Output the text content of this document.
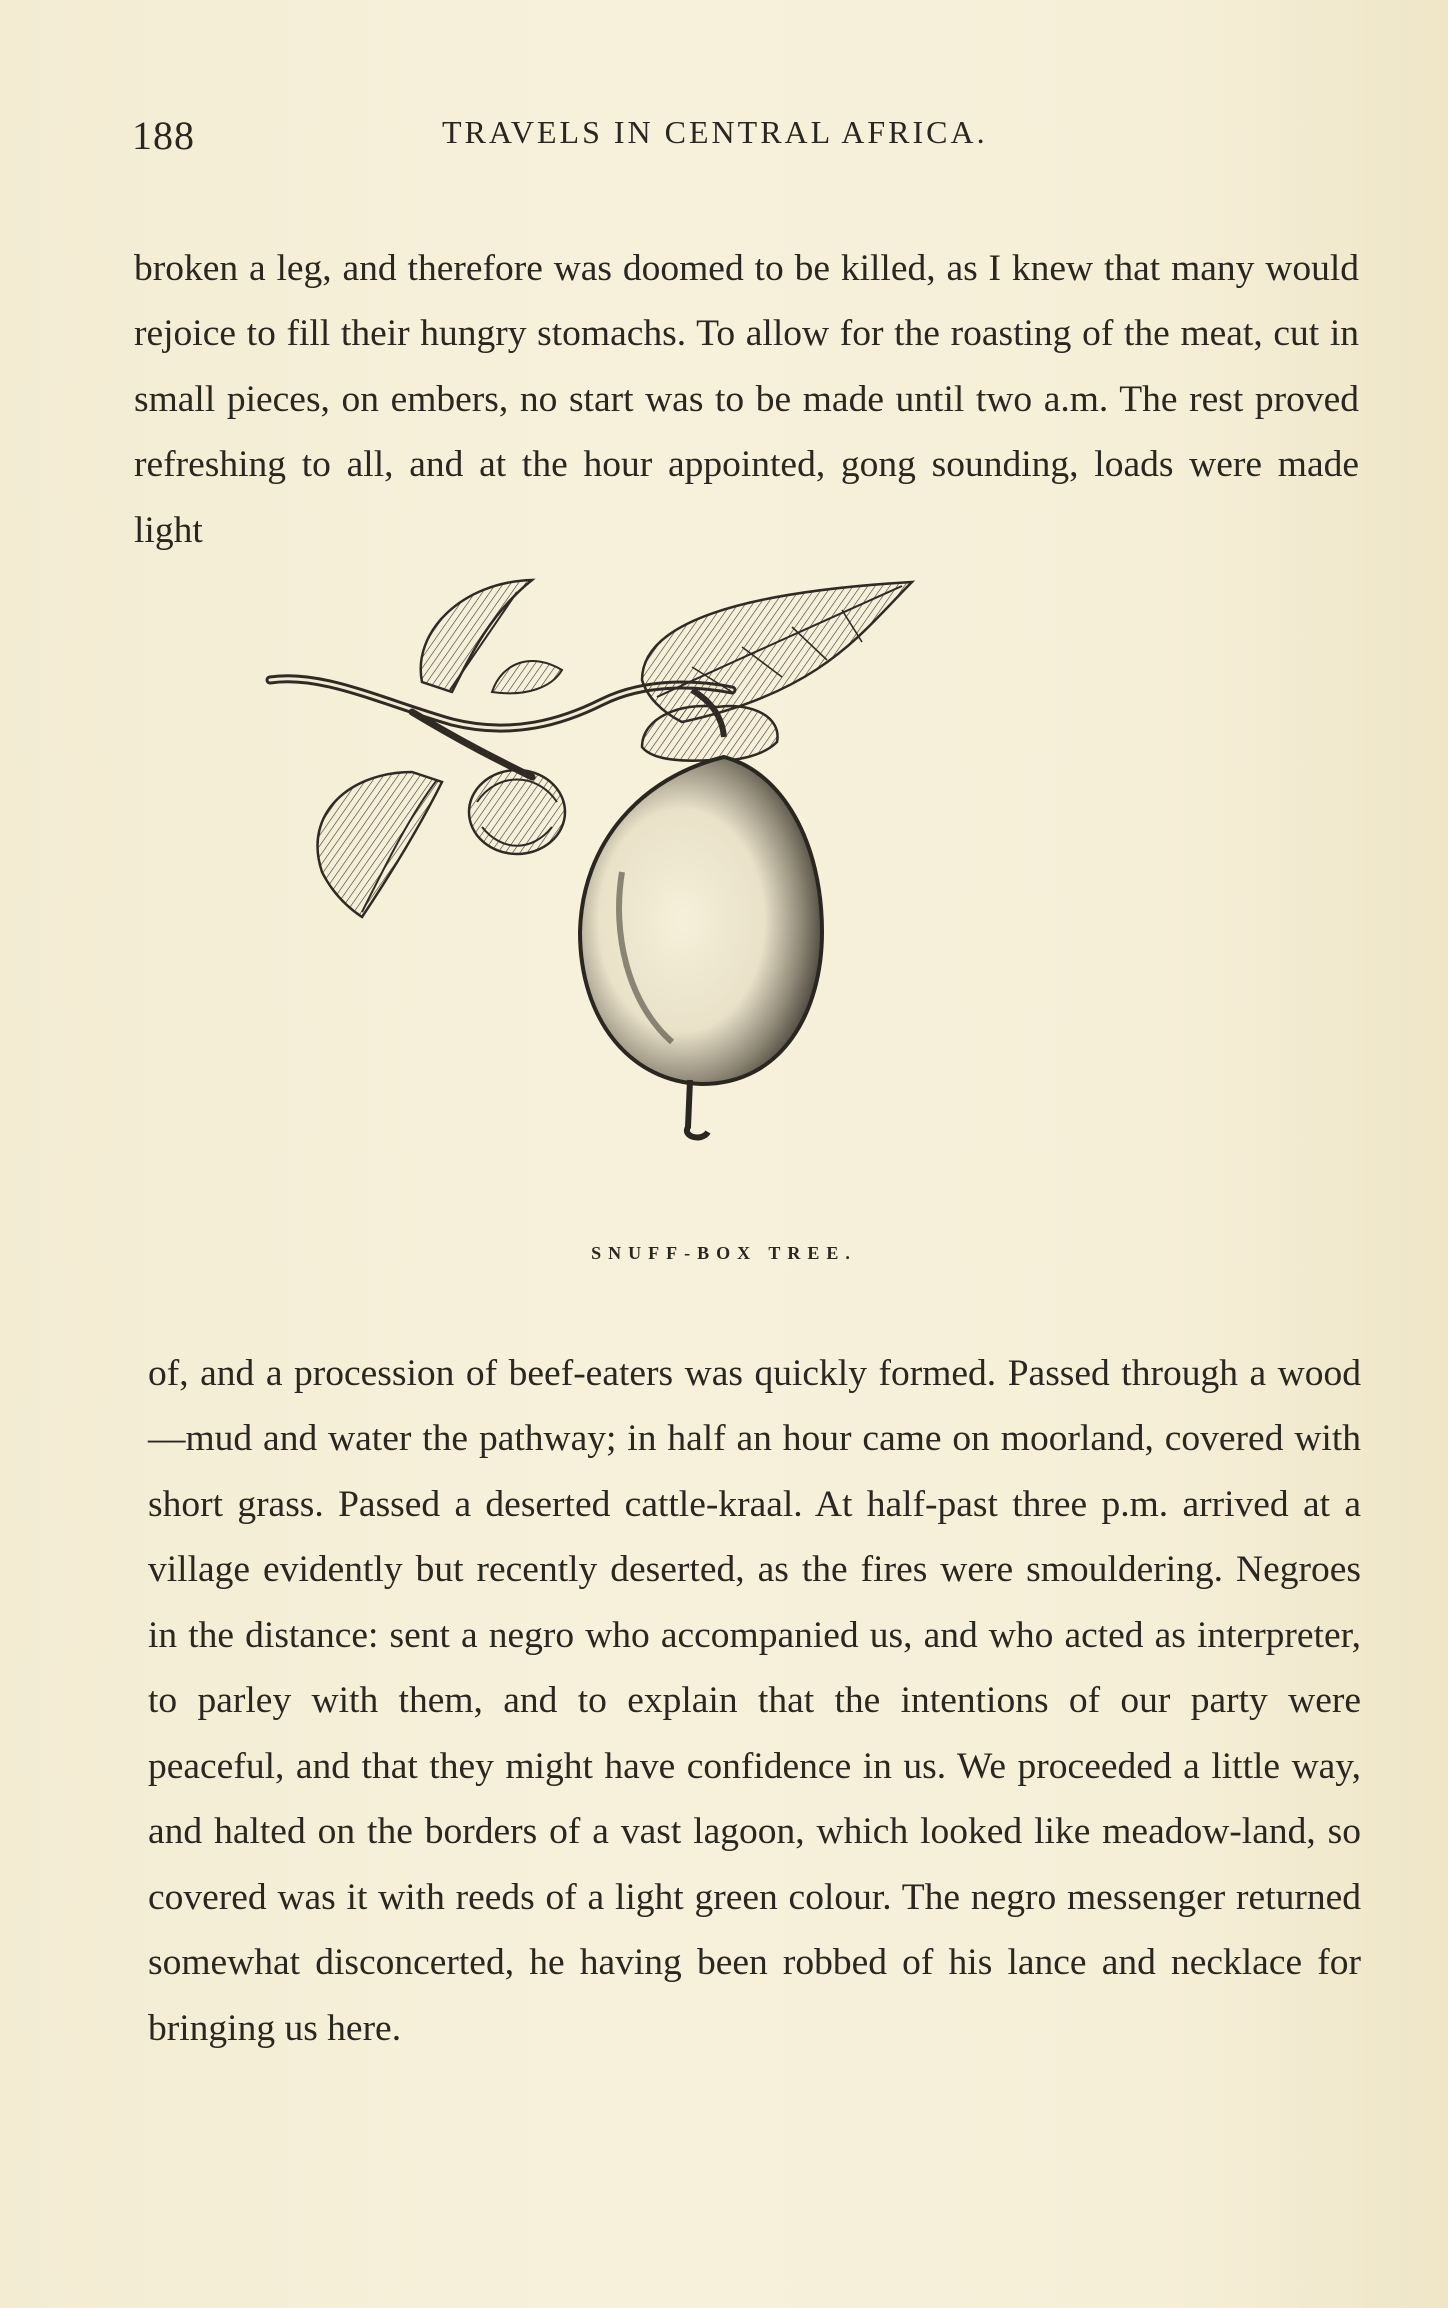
188	TRAVELS IN CENTRAL AFRICA.

broken a leg, and therefore was doomed to be killed, as I knew that many would rejoice to fill their hungry stomachs. To allow for the roasting of the meat, cut in small pieces, on embers, no start was to be made until two a.m. The rest proved refreshing to all, and at the hour appointed, gong sounding, loads were made light

SNUFF-BOX TREE.

of, and a procession of beef-eaters was quickly formed. Passed through a wood—mud and water the pathway; in half an hour came on moorland, covered with short grass. Passed a deserted cattle-kraal. At half-past three p.m. arrived at a village evidently but recently deserted, as the fires were smouldering. Negroes in the distance: sent a negro who accompanied us, and who acted as interpreter, to parley with them, and to explain that the intentions of our party were peaceful, and that they might have confidence in us. We proceeded a little way, and halted on the borders of a vast lagoon, which looked like meadow-land, so covered was it with reeds of a light green colour. The negro messenger returned somewhat disconcerted, he having been robbed of his lance and necklace for bringing us here.
